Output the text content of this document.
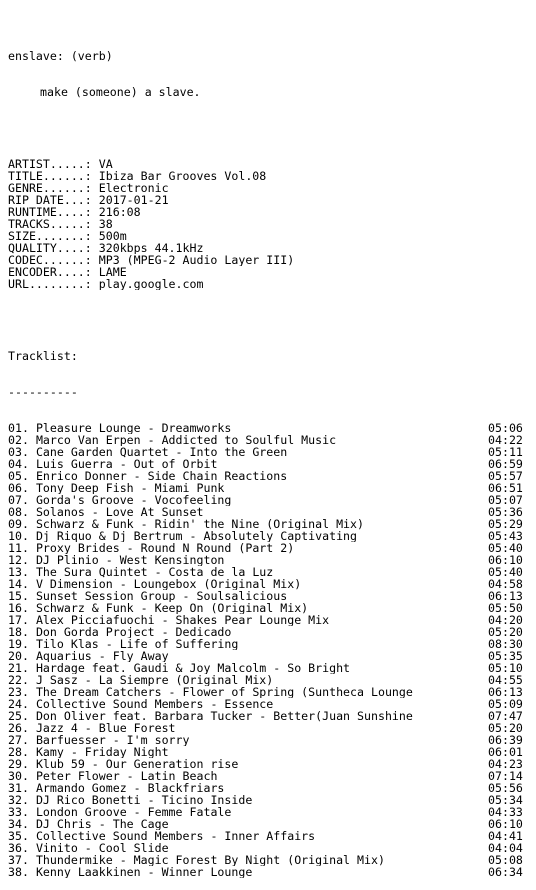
enslave: (verb)

make (someone) a slave.

ARTIST.....: VA
TITLE......: Ibiza Bar Grooves Vol.08
GENRE......: Electronic
RIP DATE...: 2017-01-21
RUNTIME....: 216:08
TRACKS.....: 38
SIZE.......: 500m
QUALITY....: 320kbps 44.1kHz
CODEC......: MP3 (MPEG-2 Audio Layer III)
ENCODER....: LAME
URL........: play.google.com

Tracklist:

----------

01. Pleasure Lounge - Dreamworks	05:06
02. Marco Van Erpen - Addicted to Soulful Music	04:22
03. Cane Garden Quartet - Into the Green	05:11
04. Luis Guerra - Out of Orbit	06:59
05. Enrico Donner - Side Chain Reactions	05:57
06. Tony Deep Fish - Miami Punk	06:51
07. Gorda's Groove - Vocofeeling	05:07
08. Solanos - Love At Sunset	05:36
09. Schwarz & Funk - Ridin' the Nine (Original Mix)	05:29
10. Dj Riquo & Dj Bertrum - Absolutely Captivating	05:43
11. Proxy Brides - Round N Round (Part 2)	05:40
12. DJ Plinio - West Kensington	06:10
13. The Sura Quintet - Costa de la Luz	05:40
14. V Dimension - Loungebox (Original Mix)	04:58
15. Sunset Session Group - Soulsalicious	06:13
16. Schwarz & Funk - Keep On (Original Mix)	05:50
17. Alex Picciafuochi - Shakes Pear Lounge Mix	04:20
18. Don Gorda Project - Dedicado	05:20
19. Tilo Klas - Life of Suffering	08:30
20. Aquarius - Fly Away	05:35
21. Hardage feat. Gaudi & Joy Malcolm - So Bright	05:10
22. J Sasz - La Siempre (Original Mix)	04:55
23. The Dream Catchers - Flower of Spring (Suntheca Lounge	06:13
24. Collective Sound Members - Essence	05:09
25. Don Oliver feat. Barbara Tucker - Better(Juan Sunshine	07:47
26. Jazz 4 - Blue Forest	05:20
27. Barfuesser - I'm sorry	06:39
28. Kamy - Friday Night	06:01
29. Klub 59 - Our Generation rise	04:23
30. Peter Flower - Latin Beach	07:14
31. Armando Gomez - Blackfriars	05:56
32. DJ Rico Bonetti - Ticino Inside	05:34
33. London Groove - Femme Fatale	04:33
34. DJ Chris - The Cage	06:10
35. Collective Sound Members - Inner Affairs	04:41
36. Vinito - Cool Slide	04:04
37. Thundermike - Magic Forest By Night (Original Mix)	05:08
38. Kenny Laakkinen - Winner Lounge	06:34
